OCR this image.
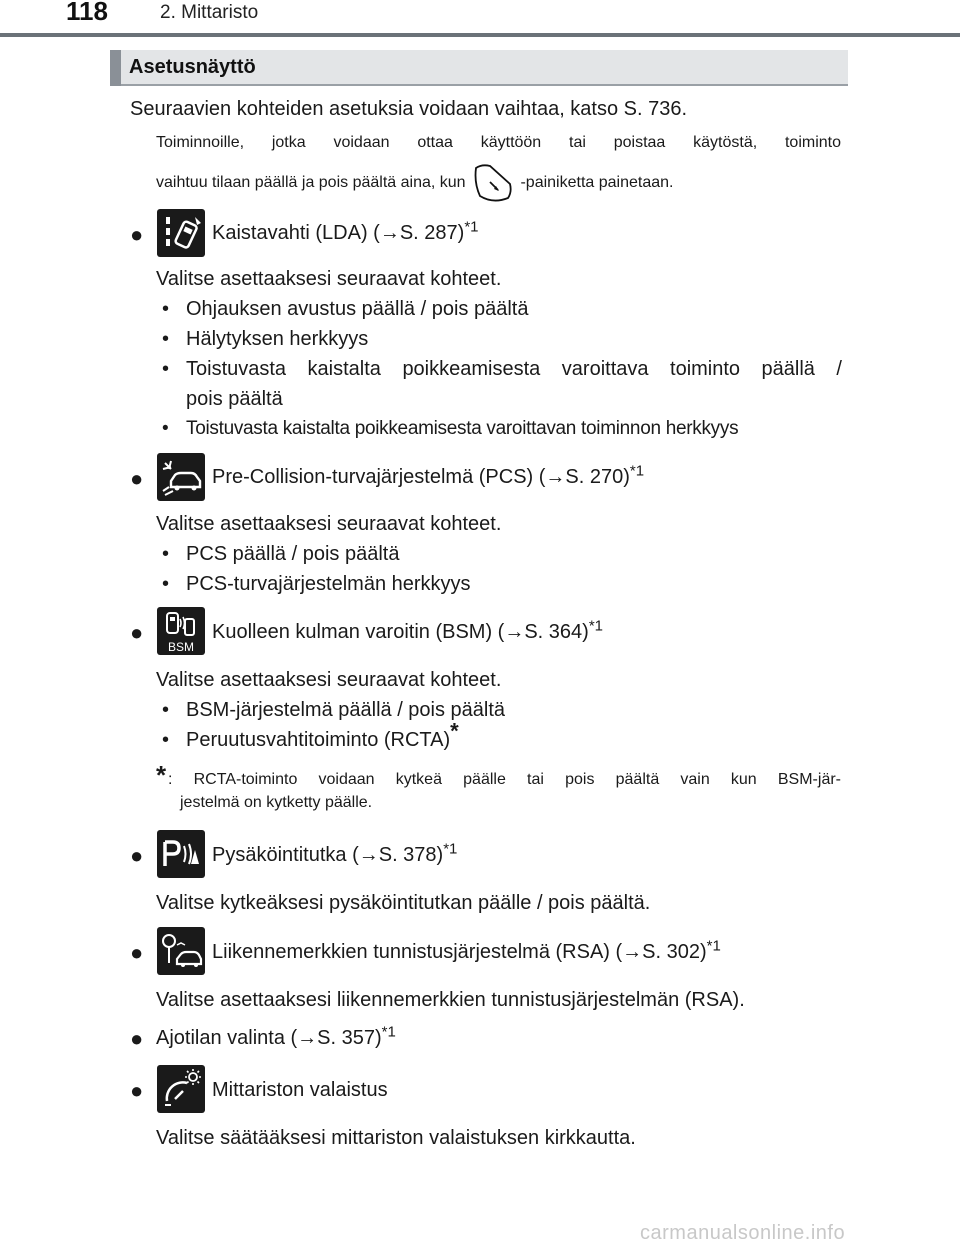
118	2. Mittaristo
Asetusnäyttö
Seuraavien kohteiden asetuksia voidaan vaihtaa, katso S. 736.
Toiminnoille, jotka voidaan ottaa käyttöön tai poistaa käytöstä, toiminto
vaihtuu tilaan päällä ja pois päältä aina, kun	-painiketta painetaan.
●	Kaistavahti (LDA) (→S. 287)$^{*1}$
Valitse asettaaksesi seuraavat kohteet.
• Ohjauksen avustus päällä / pois päältä
• Hälytyksen herkkyys
• Toistuvasta kaistalta poikkeamisesta varoittava toiminto päällä /
pois päältä
• Toistuvasta kaistalta poikkeamisesta varoittavan toiminnon herkkyys
●	Pre-Collision-turvajärjestelmä (PCS) (→S. 270)$^{*1}$
Valitse asettaaksesi seuraavat kohteet.
• PCS päällä / pois päältä
• PCS-turvajärjestelmän herkkyys
●
BSM
Kuolleen kulman varoitin (BSM) (→S. 364)$^{*1}$
Valitse asettaaksesi seuraavat kohteet.
• BSM-järjestelmä päällä / pois päältä
• Peruutusvahtitoiminto (RCTA)*
* : RCTA-toiminto voidaan kytkeä päälle tai pois päältä vain kun BSM-jär-
jestelmä on kytketty päälle.
●	Pysäköintitutka (→S. 378)$^{*1}$
Valitse kytkeäksesi pysäköintitutkan päälle / pois päältä.
●	Liikennemerkkien tunnistusjärjestelmä (RSA) (→S. 302)$^{*1}$
Valitse asettaaksesi liikennemerkkien tunnistusjärjestelmän (RSA).
● Ajotilan valinta (→S. 357)$^{*1}$
●	Mittariston valaistus
Valitse säätääksesi mittariston valaistuksen kirkkautta.
carmanualsonline.info
